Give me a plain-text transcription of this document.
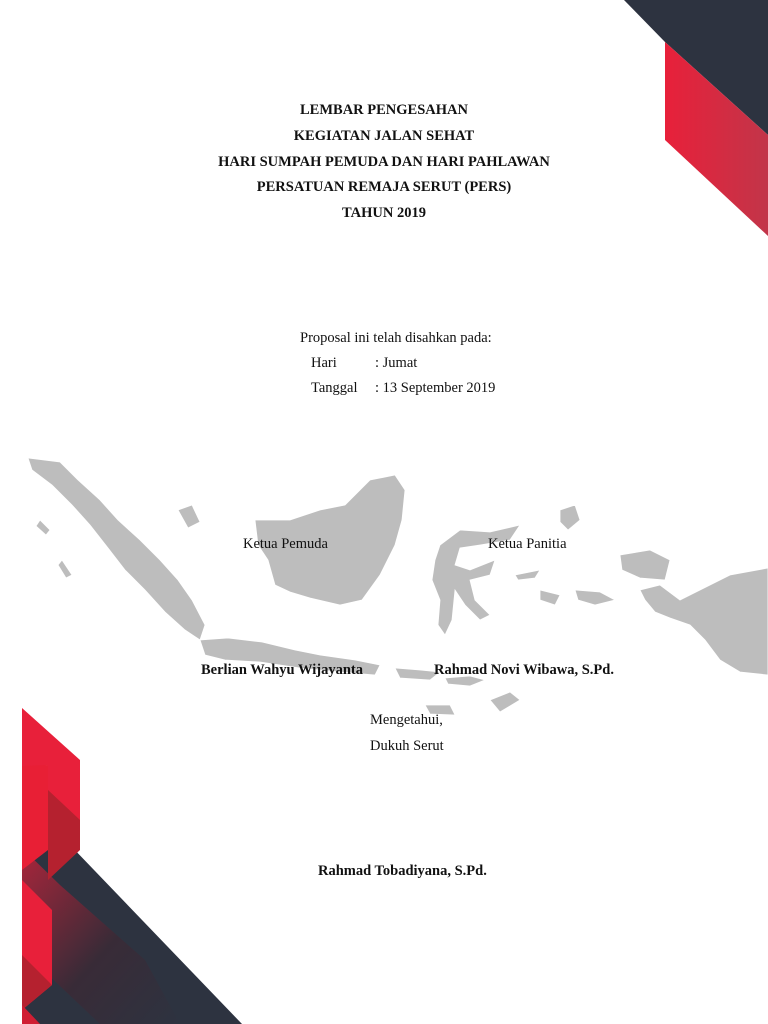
LEMBAR PENGESAHAN
KEGIATAN JALAN SEHAT
HARI SUMPAH PEMUDA DAN HARI PAHLAWAN
PERSATUAN REMAJA SERUT (PERS)
TAHUN 2019
Proposal ini telah disahkan pada:
Hari	: Jumat
Tanggal : 13 September 2019
Ketua Pemuda	Ketua Panitia
Berlian Wahyu Wijayanta	Rahmad Novi Wibawa, S.Pd.
Mengetahui,
Dukuh Serut
Rahmad Tobadiyana, S.Pd.
